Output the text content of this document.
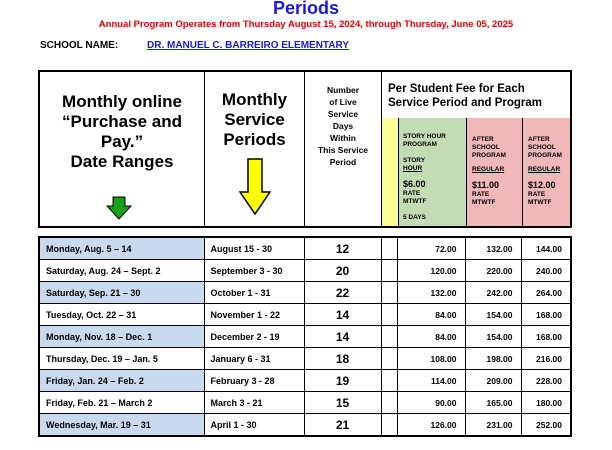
Periods
Annual Program Operates from Thursday August 15, 2024, through Thursday, June 05, 2025
SCHOOL NAME:	DR. MANUEL C. BARREIRO ELEMENTARY
Monthly online
“Purchase and
Pay.”
Date Ranges
Monthly
Service
Periods
Number
of Live
Service
Days
Within
This Service
Period
Per Student Fee for Each
Service Period and Program
STORY HOUR
PROGRAM
STORY
HOUR
$6.00
RATE
MTWTF
5 DAYS
AFTER
SCHOOL
PROGRAM
REGULAR
$11.00
RATE
MTWTF
AFTER
SCHOOL
PROGRAM
REGULAR
$12.00
RATE
MTWTF
Monday, Aug. 5 – 14	August 15 - 30	12		72.00	132.00	144.00
Saturday, Aug. 24 – Sept. 2	September 3 - 30	20		120.00	220.00	240.00
Saturday, Sep. 21 – 30	October 1 - 31	22		132.00	242.00	264.00
Tuesday, Oct. 22 – 31	November 1 - 22	14		84.00	154.00	168.00
Monday, Nov. 18 – Dec. 1	December 2 - 19	14		84.00	154.00	168.00
Thursday, Dec. 19 – Jan. 5	January 6 - 31	18		108.00	198.00	216.00
Friday, Jan. 24 – Feb. 2	February 3 - 28	19		114.00	209.00	228.00
Friday, Feb. 21 – March 2	March 3 - 21	15		90.00	165.00	180.00
Wednesday, Mar. 19 – 31	April 1 - 30	21		126.00	231.00	252.00
